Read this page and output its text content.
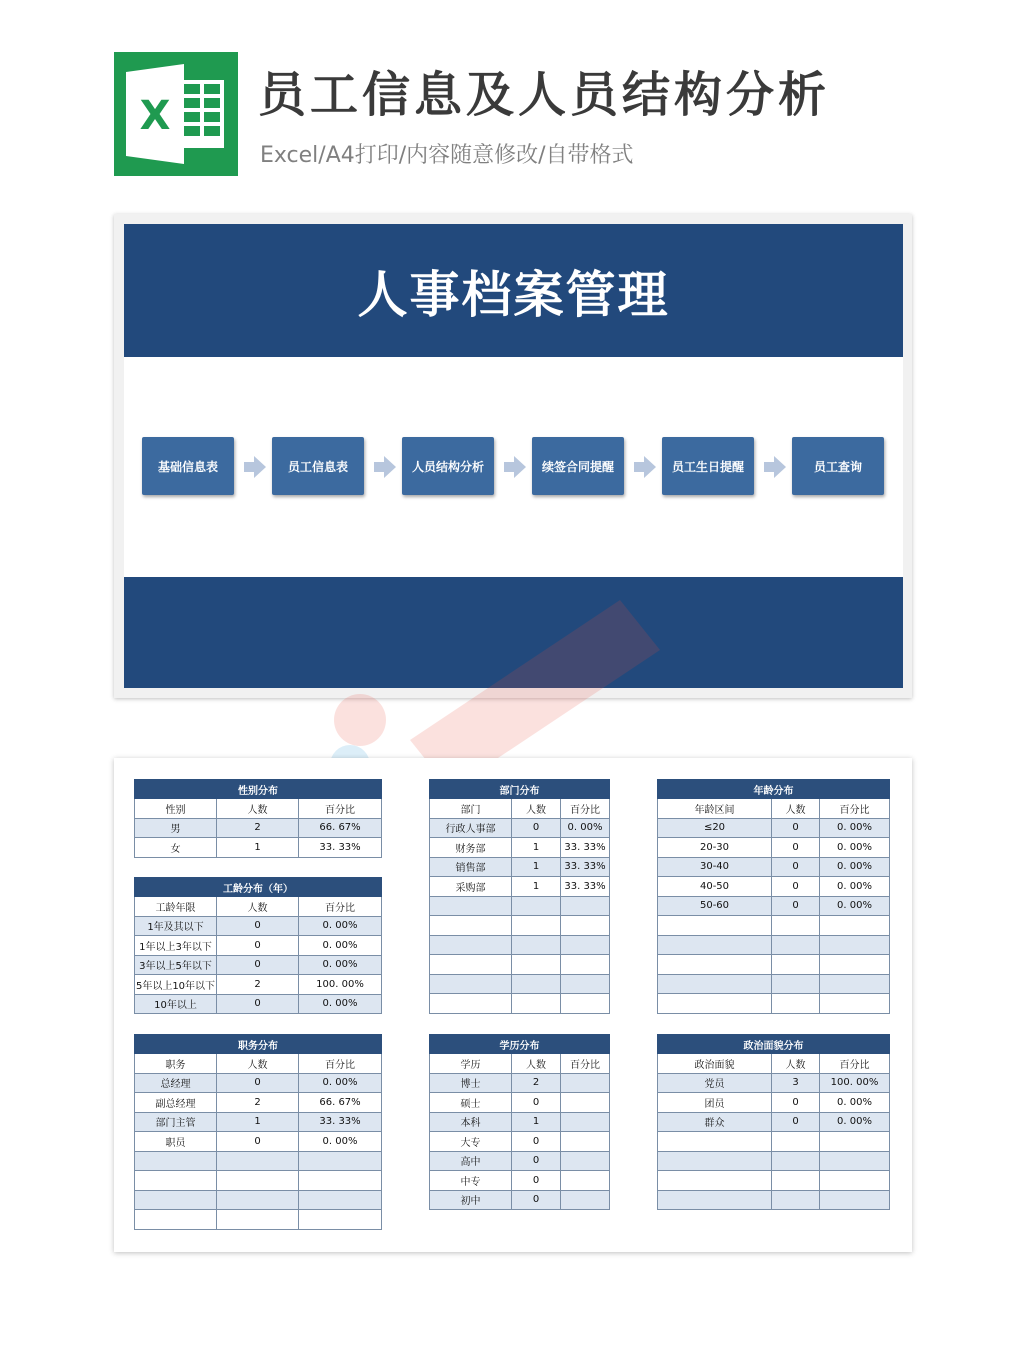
X 员工信息及人员结构分析
Excel/A4打印/内容随意修改/自带格式
人事档案管理
基础信息表	员工信息表	人员结构分析	续签合同提醒	员工生日提醒	员工查询
性别分布		
性别	人数	百分比
男	2	66. 67%
女	1	33. 33%
工龄分布（年）		
工龄年限	人数	百分比
1年及其以下	0	0. 00%
1年以上3年以下	0	0. 00%
3年以上5年以下	0	0. 00%
5年以上10年以下	2	100. 00%
10年以上	0	0. 00%
职务分布		
职务	人数	百分比
总经理	0	0. 00%
副总经理	2	66. 67%
部门主管	1	33. 33%
职员	0	0. 00%

部门分布		
部门	人数	百分比
行政人事部	0	0. 00%
财务部	1	33. 33%
销售部	1	33. 33%
采购部	1	33. 33%

学历分布		
学历	人数	百分比
博士	2	
硕士	0	
本科	1	
大专	0	
高中	0	
中专	0	
初中	0	
年龄分布		
年龄区间	人数	百分比
≤20	0	0. 00%
20-30	0	0. 00%
30-40	0	0. 00%
40-50	0	0. 00%
50-60	0	0. 00%

政治面貌分布		
政治面貌	人数	百分比
党员	3	100. 00%
团员	0	0. 00%
群众	0	0. 00%
